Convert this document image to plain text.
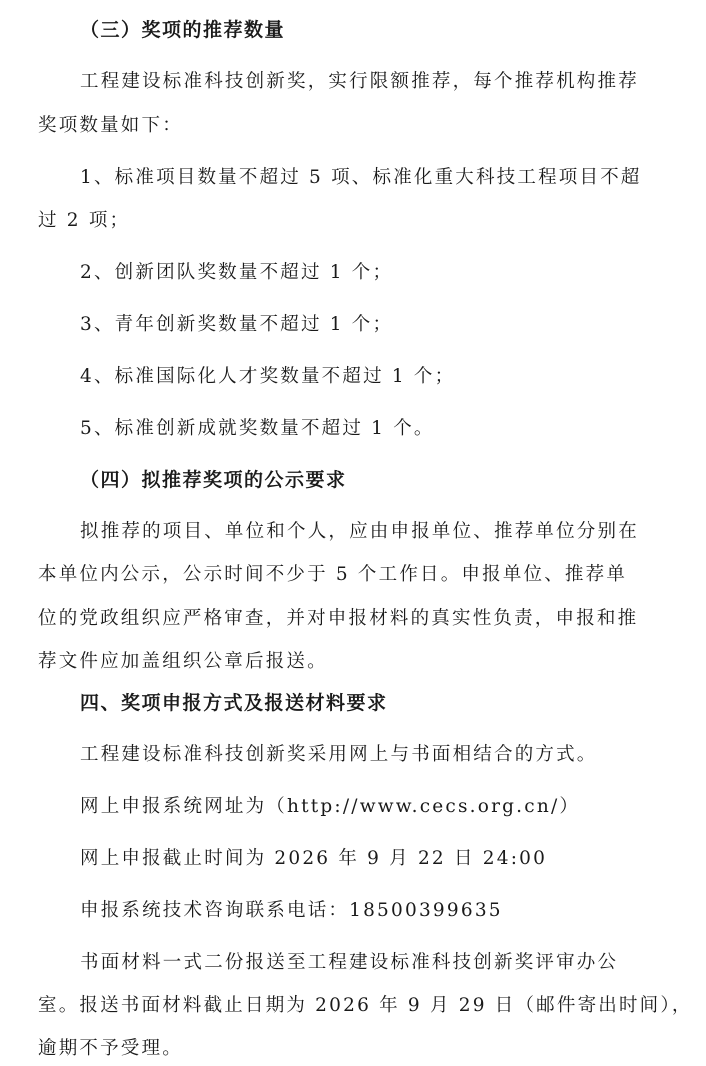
（三）奖项的推荐数量
工程建设标准科技创新奖，实行限额推荐，每个推荐机构推荐
奖项数量如下：
1、标准项目数量不超过 5 项、标准化重大科技工程项目不超
过 2 项；
2、创新团队奖数量不超过 1 个；
3、青年创新奖数量不超过 1 个；
4、标准国际化人才奖数量不超过 1 个；
5、标准创新成就奖数量不超过 1 个。
（四）拟推荐奖项的公示要求
拟推荐的项目、单位和个人，应由申报单位、推荐单位分别在
本单位内公示，公示时间不少于 5 个工作日。申报单位、推荐单
位的党政组织应严格审查，并对申报材料的真实性负责，申报和推
荐文件应加盖组织公章后报送。
四、奖项申报方式及报送材料要求
工程建设标准科技创新奖采用网上与书面相结合的方式。
网上申报系统网址为（http://www.cecs.org.cn/）
网上申报截止时间为 2026 年 9 月 22 日 24:00
申报系统技术咨询联系电话：18500399635
书面材料一式二份报送至工程建设标准科技创新奖评审办公
室。报送书面材料截止日期为 2026 年 9 月 29 日（邮件寄出时间），
逾期不予受理。
